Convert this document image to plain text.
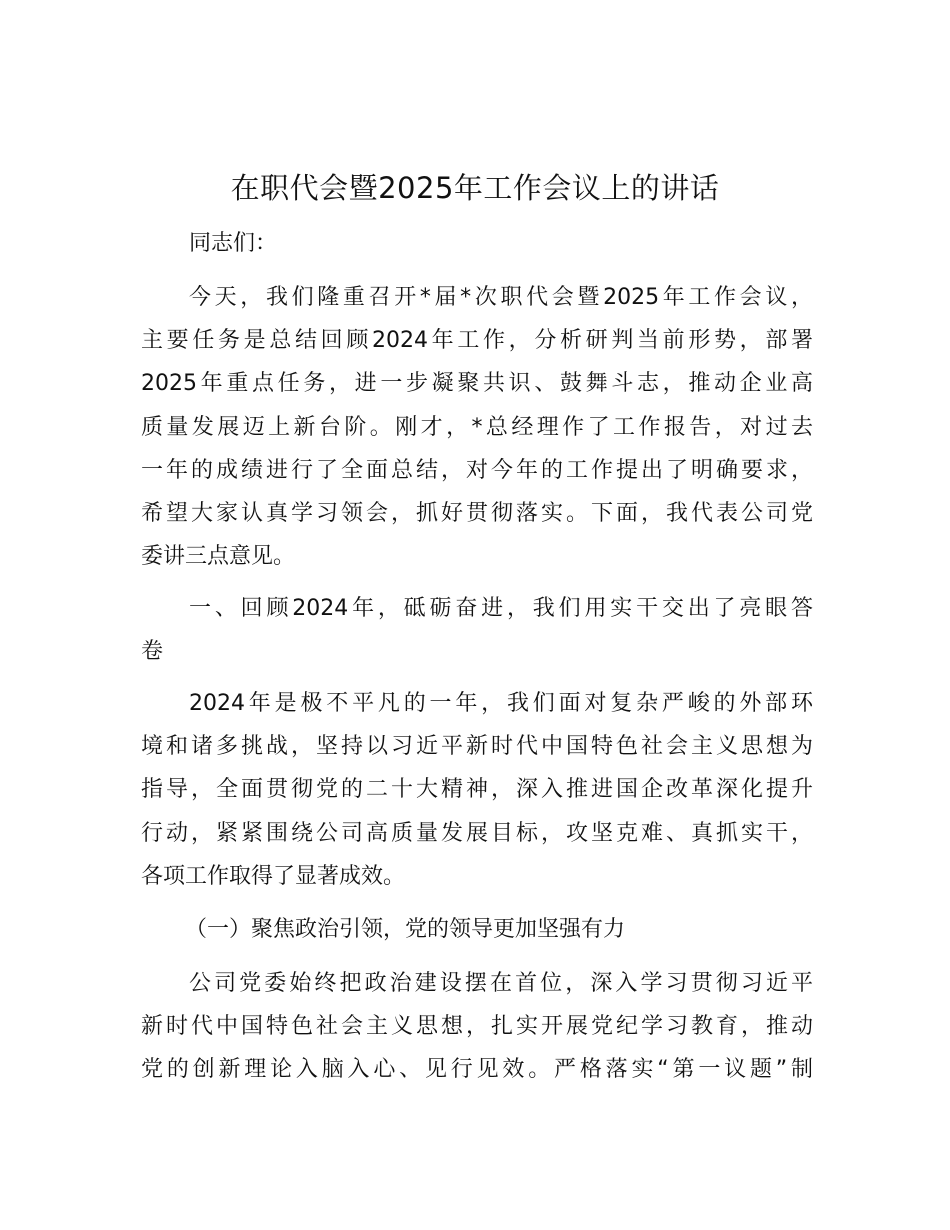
在职代会暨2025年工作会议上的讲话
同志们：
今天，我们隆重召开*届*次职代会暨2025年工作会议，
主要任务是总结回顾2024年工作，分析研判当前形势，部署
2025年重点任务，进一步凝聚共识、鼓舞斗志，推动企业高
质量发展迈上新台阶。刚才，*总经理作了工作报告，对过去
一年的成绩进行了全面总结，对今年的工作提出了明确要求，
希望大家认真学习领会，抓好贯彻落实。下面，我代表公司党
委讲三点意见。
一、回顾2024年，砥砺奋进，我们用实干交出了亮眼答
卷
2024年是极不平凡的一年，我们面对复杂严峻的外部环
境和诸多挑战，坚持以习近平新时代中国特色社会主义思想为
指导，全面贯彻党的二十大精神，深入推进国企改革深化提升
行动，紧紧围绕公司高质量发展目标，攻坚克难、真抓实干，
各项工作取得了显著成效。
（一）聚焦政治引领，党的领导更加坚强有力
公司党委始终把政治建设摆在首位，深入学习贯彻习近平
新时代中国特色社会主义思想，扎实开展党纪学习教育，推动
党的创新理论入脑入心、见行见效。严格落实“第一议题”制
